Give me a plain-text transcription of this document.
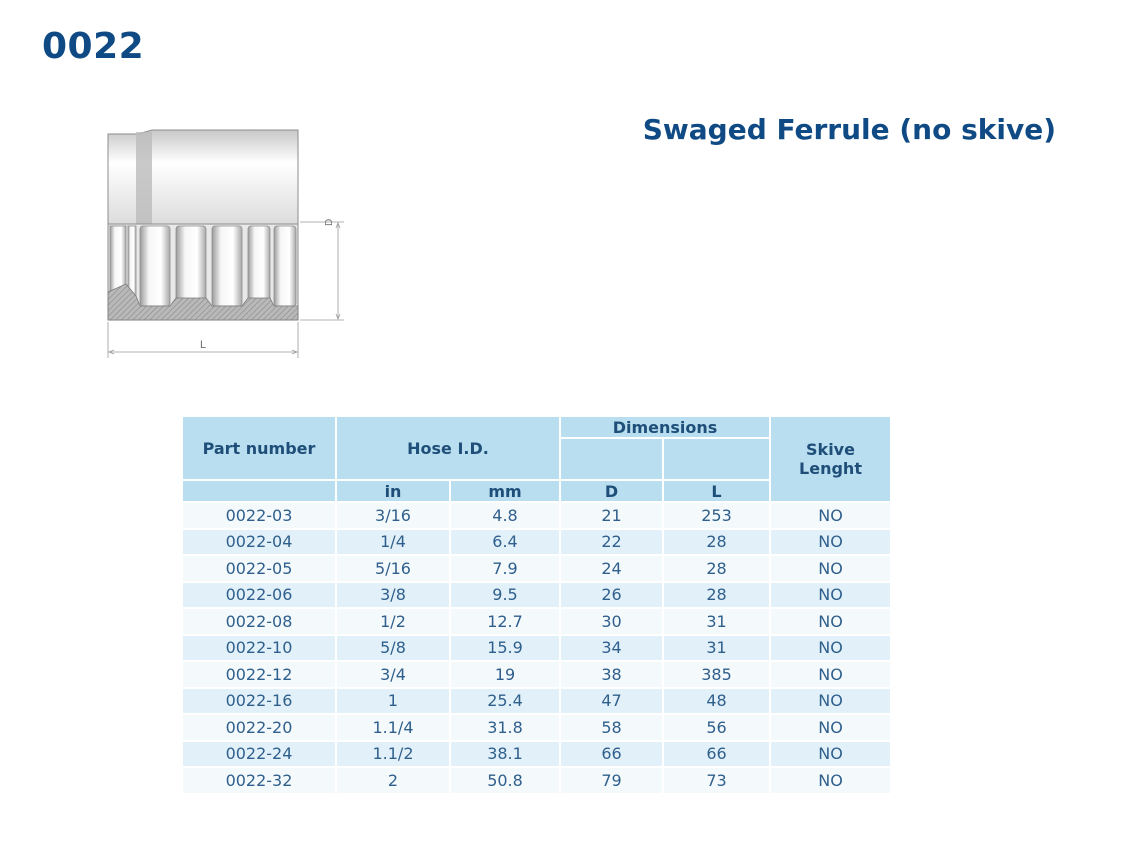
0022
Swaged Ferrule (no skive)
D
L
Part number	Hose I.D.		Dimensions		Skive Lenght

	in	mm	D	L	
0022-03	3/16	4.8	21	253	NO
0022-04	1/4	6.4	22	28	NO
0022-05	5/16	7.9	24	28	NO
0022-06	3/8	9.5	26	28	NO
0022-08	1/2	12.7	30	31	NO
0022-10	5/8	15.9	34	31	NO
0022-12	3/4	19	38	385	NO
0022-16	1	25.4	47	48	NO
0022-20	1.1/4	31.8	58	56	NO
0022-24	1.1/2	38.1	66	66	NO
0022-32	2	50.8	79	73	NO
